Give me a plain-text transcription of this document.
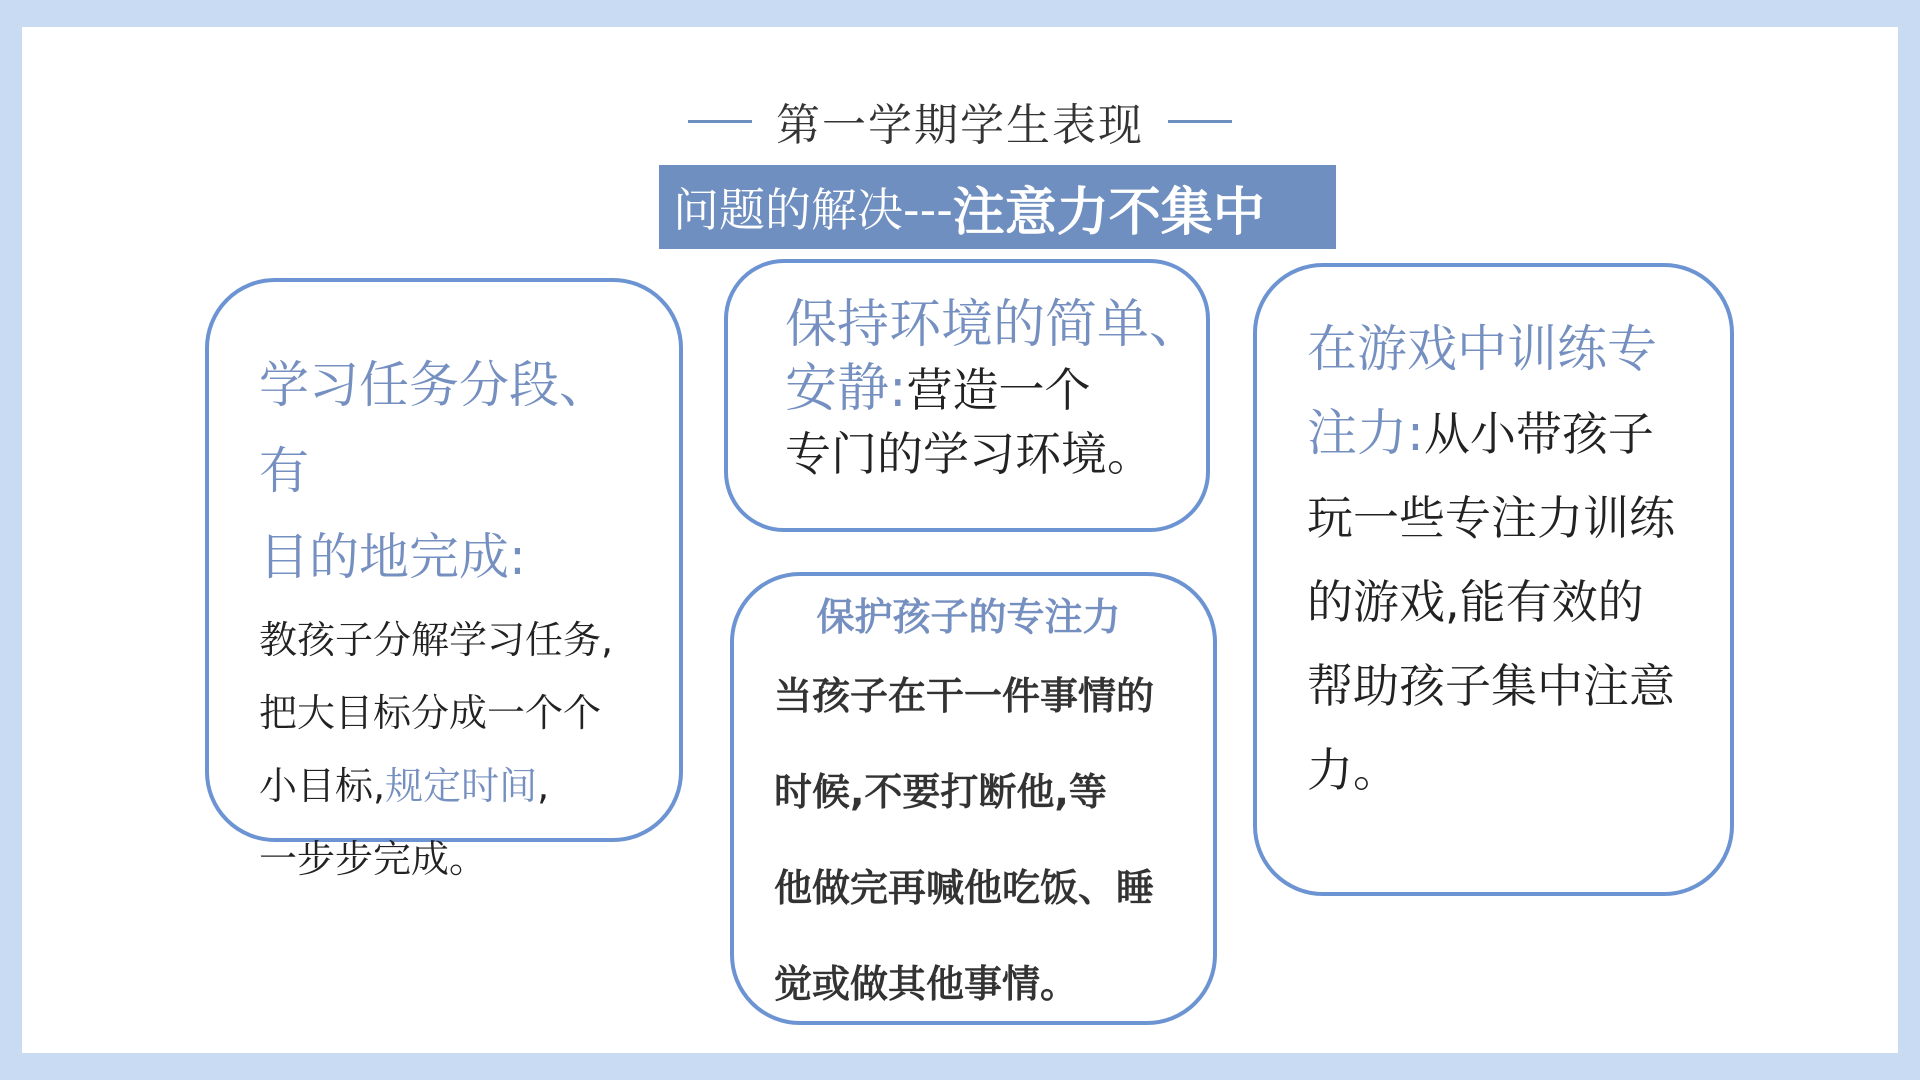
第一学期学生表现
问题的解决--- 注意力不集中
学习任务分段、有
目的地完成:
教孩子分解学习任务,
把大目标分成一个个
小目标,规定时间,
一步步完成。
保持环境的简单、
安静:营造一个
专门的学习环境。
保护孩子的专注力
当孩子在干一件事情的
时候,不要打断他,等
他做完再喊他吃饭、睡
觉或做其他事情。
在游戏中训练专
注力:从小带孩子
玩一些专注力训练
的游戏,能有效的
帮助孩子集中注意
力。
